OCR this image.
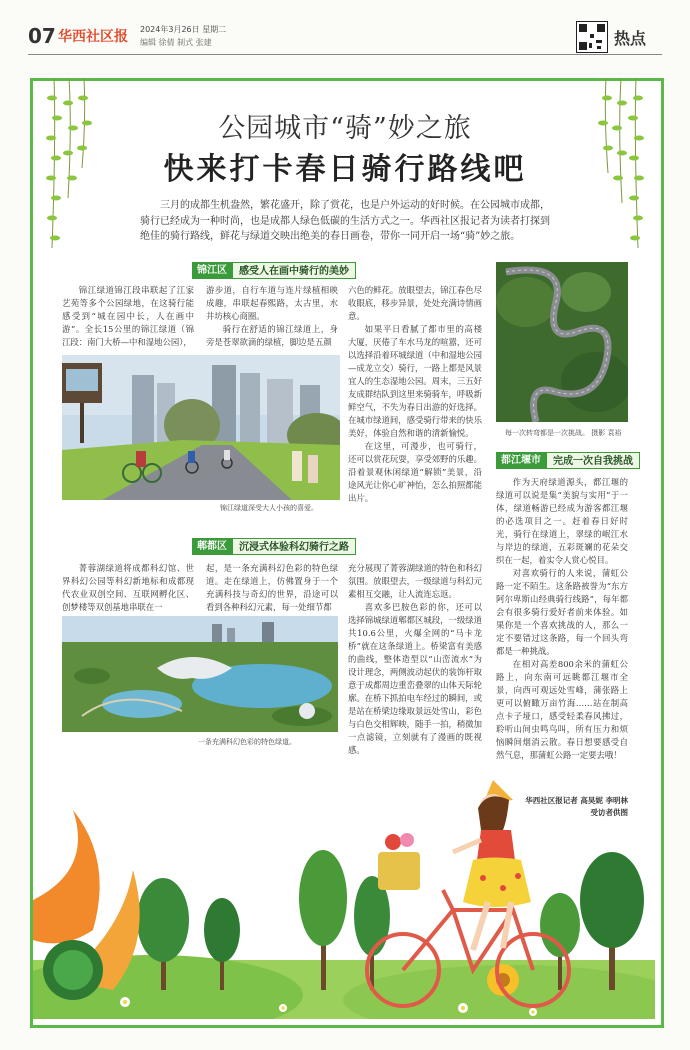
07 华西社区报 2024年3月26日 星期二
编辑 徐倩 制式 张建	热点
公园城市“骑”妙之旅
快来打卡春日骑行路线吧
三月的成都生机盎然，繁花盛开，除了赏花，也是户外运动的好时候。在公园城市成都，骑行已经成为一种时尚，也是成都人绿色低碳的生活方式之一。华西社区报记者为读者打探到绝佳的骑行路线，鲜花与绿道交映出绝美的春日画卷，带你一同开启一场“骑”妙之旅。
锦江区	感受人在画中骑行的美妙

锦江绿道锦江段串联起了江家艺苑等多个公园绿地，在这骑行能感受到“城在园中长，人在画中游”。全长15公里的锦江绿道（锦江段：南门大桥—中和湿地公园），

游步道，自行车道与连片绿植相映成趣，串联起春熙路，太古里，水井坊核心商圈。

骑行在舒适的锦江绿道上，身旁是苍翠欲滴的绿植，脚边是五颜

六色的鲜花。放眼望去，锦江春色尽收眼底，移步异景，处处充满诗情画意。

如果平日看腻了都市里的高楼大厦，厌倦了车水马龙的喧嚣，还可以选择沿着环城绿道（中和湿地公园—成龙立交）骑行，一路上都是风景宜人的生态湿地公园。周末，三五好友成群结队到这里来骑骑车，呼吸新鲜空气，不失为春日出游的好选择。在城市绿道间，感受骑行带来的快乐美好，体验自然和谐的清新愉悦。

在这里，可漫步，也可骑行，还可以赏花玩耍，享受郊野的乐趣。沿着景观休闲绿道“解锁”美景，沿途风光让你心旷神怡，怎么拍照都能出片。

锦江绿道深受大人小孩的喜爱。
每一次转弯都是一次挑战。 摄影 袁裕
都江堰市	完成一次自我挑战

作为天府绿道源头，都江堰的绿道可以说是集“美貌与实用”于一体，绿道畅游已经成为游客都江堰的必选项目之一。赶着春日好时光，骑行在绿道上，翠绿的岷江水与岸边的绿道，五彩斑斓的花朵交织在一起，着实令人赏心悦目。

对喜欢骑行的人来说，蒲虹公路一定不陌生。这条路被誉为“东方阿尔卑斯山经典骑行线路”，每年都会有很多骑行爱好者前来体验。如果你是一个喜欢挑战的人，那么一定不要错过这条路，每一个回头弯都是一种挑战。

在相对高差800余米的蒲虹公路上，向东南可远眺都江堰市全景，向西可观远处雪峰，蒲张路上更可以俯瞰万亩竹海……站在制高点卡子垭口，感受轻柔春风拂过，聆听山间虫鸣鸟叫，所有压力和烦恼瞬间烟消云散。春日想要感受自然气息，那蒲虹公路一定要去哦！

郫都区	沉浸式体验科幻骑行之路

菁蓉湖绿道将成都科幻馆、世界科幻公园等科幻新地标和成都现代农业双创空间、互联网孵化区、创梦楼等双创基地串联在一

起，是一条充满科幻色彩的特色绿道。走在绿道上，仿佛置身于一个充满科技与奇幻的世界，沿途可以看到各种科幻元素，每一处细节都

充分展现了菁蓉湖绿道的特色和科幻氛围。放眼望去，一级绿道与科幻元素相互交融，让人流连忘返。

喜欢多巴胺色彩的你，还可以选择锦城绿道郫都区城段，一级绿道共10.6公里，火爆全网的“马卡龙桥”就在这条绿道上。桥梁富有美感的曲线，整体造型以“山峦流水”为设计理念，两侧波动起伏的装饰杆取意于成都周边重峦叠翠的山体天际轮廓。在桥下抓拍电车经过的瞬间，或是站在桥梁边缘取景远处雪山，彩色与白色交相辉映，随手一拍，稍微加一点滤镜，立刻就有了漫画的既视感。

一条充满科幻色彩的特色绿道。
华西社区报记者 高昊妮 李明林
受访者供图
